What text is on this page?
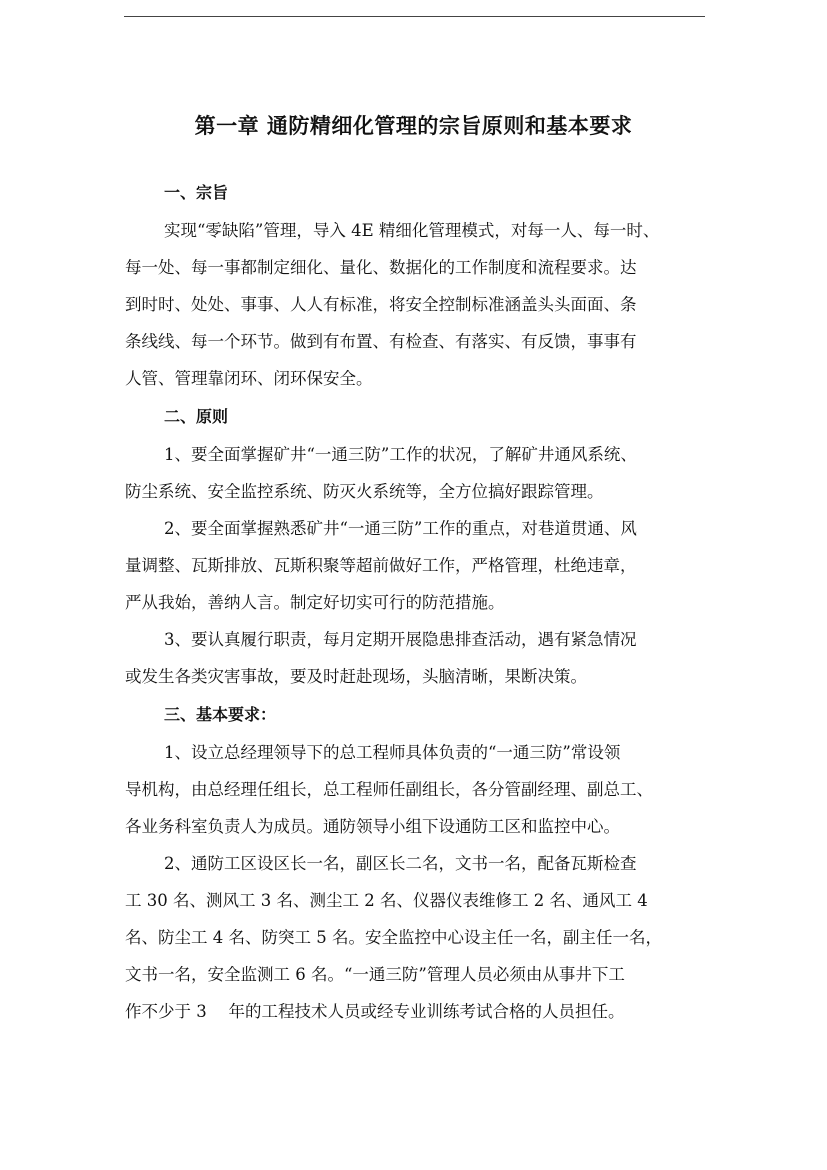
第一章 通防精细化管理的宗旨原则和基本要求
一、宗旨
实现“零缺陷”管理，导入 4E 精细化管理模式，对每一人、每一时、
每一处、每一事都制定细化、量化、数据化的工作制度和流程要求。达
到时时、处处、事事、人人有标准，将安全控制标准涵盖头头面面、条
条线线、每一个环节。做到有布置、有检查、有落实、有反馈，事事有
人管、管理靠闭环、闭环保安全。
二、原则
1、要全面掌握矿井“一通三防”工作的状况，了解矿井通风系统、
防尘系统、安全监控系统、防灭火系统等，全方位搞好跟踪管理。
2、要全面掌握熟悉矿井“一通三防”工作的重点，对巷道贯通、风
量调整、瓦斯排放、瓦斯积聚等超前做好工作，严格管理，杜绝违章，
严从我始，善纳人言。制定好切实可行的防范措施。
3、要认真履行职责，每月定期开展隐患排查活动，遇有紧急情况
或发生各类灾害事故，要及时赶赴现场，头脑清晰，果断决策。
三、基本要求：
1、设立总经理领导下的总工程师具体负责的“一通三防”常设领
导机构，由总经理任组长，总工程师任副组长，各分管副经理、副总工、
各业务科室负责人为成员。通防领导小组下设通防工区和监控中心。
2、通防工区设区长一名，副区长二名，文书一名，配备瓦斯检查
工 30 名、测风工 3 名、测尘工 2 名、仪器仪表维修工 2 名、通风工 4
名、防尘工 4 名、防突工 5 名。安全监控中心设主任一名，副主任一名，
文书一名，安全监测工 6 名。“一通三防”管理人员必须由从事井下工
作不少于 3　 年的工程技术人员或经专业训练考试合格的人员担任。
